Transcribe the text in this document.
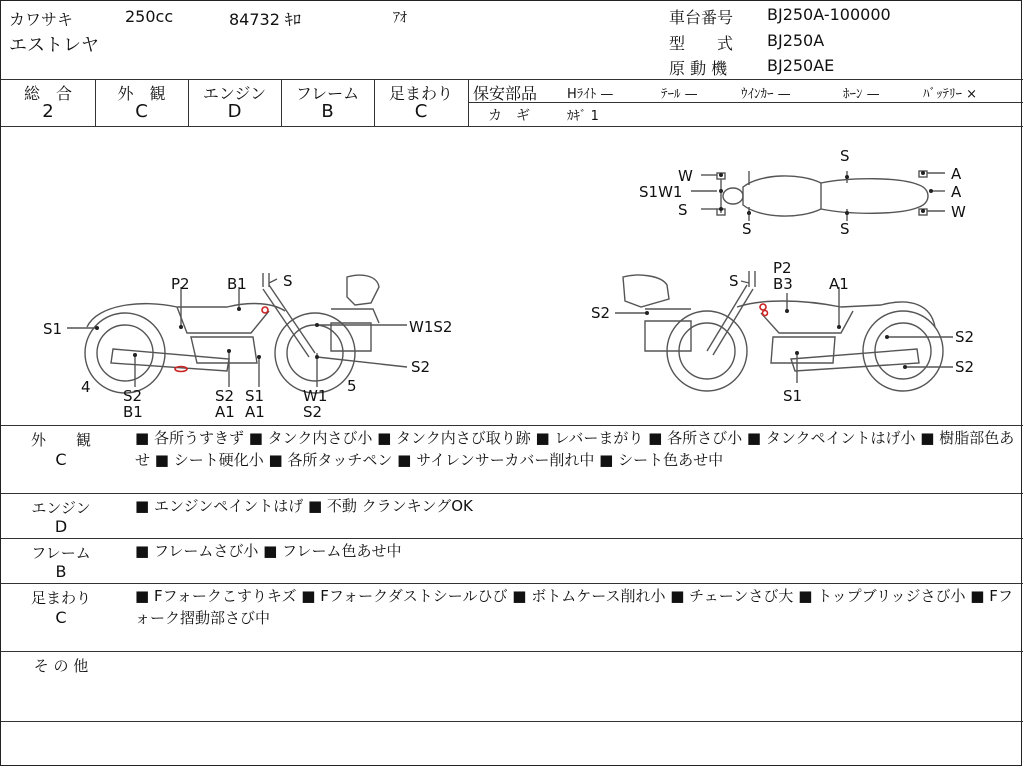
カワサキ	250cc	84732 ｷﾛ	ｱｵ
エストレヤ
車台番号 BJ250A-100000
型　　式 BJ250A
原 動 機 BJ250AE
総　合
2
外　観
C
エンジン
D
フレーム
B
足まわり
C
保安部品 Hﾗｲﾄ —	ﾃｰﾙ —	ｳｲﾝｶｰ —	ﾎｰﾝ —	ﾊﾞｯﾃﾘｰ ×
カ　ギ	ｶｷﾞ 1
W
S1W1
S
S
S	S
A
A
W
S1
P2 B1 S
W1S2
S2
4 S2
B1
S2
A1
S1
A1
W1
S2
5
S
P2
B3 A1
S2
S2
S2
S1
外　　観
C
■ 各所うすきず ■ タンク内さび小 ■ タンク内さび取り跡 ■ レバーまがり ■ 各所さび小 ■ タンクペイントはげ小 ■ 樹脂部色あせ ■ シート硬化小 ■ 各所タッチペン ■ サイレンサーカバー削れ中 ■ シート色あせ中
エンジン
D
■ エンジンペイントはげ ■ 不動 クランキングOK
フレーム
B
■ フレームさび小 ■ フレーム色あせ中
足まわり
C
■ Fフォークこすりキズ ■ Fフォークダストシールひび ■ ボトムケース削れ小 ■ チェーンさび大 ■ トップブリッジさび小 ■ Fフォーク摺動部さび中
そ の 他
